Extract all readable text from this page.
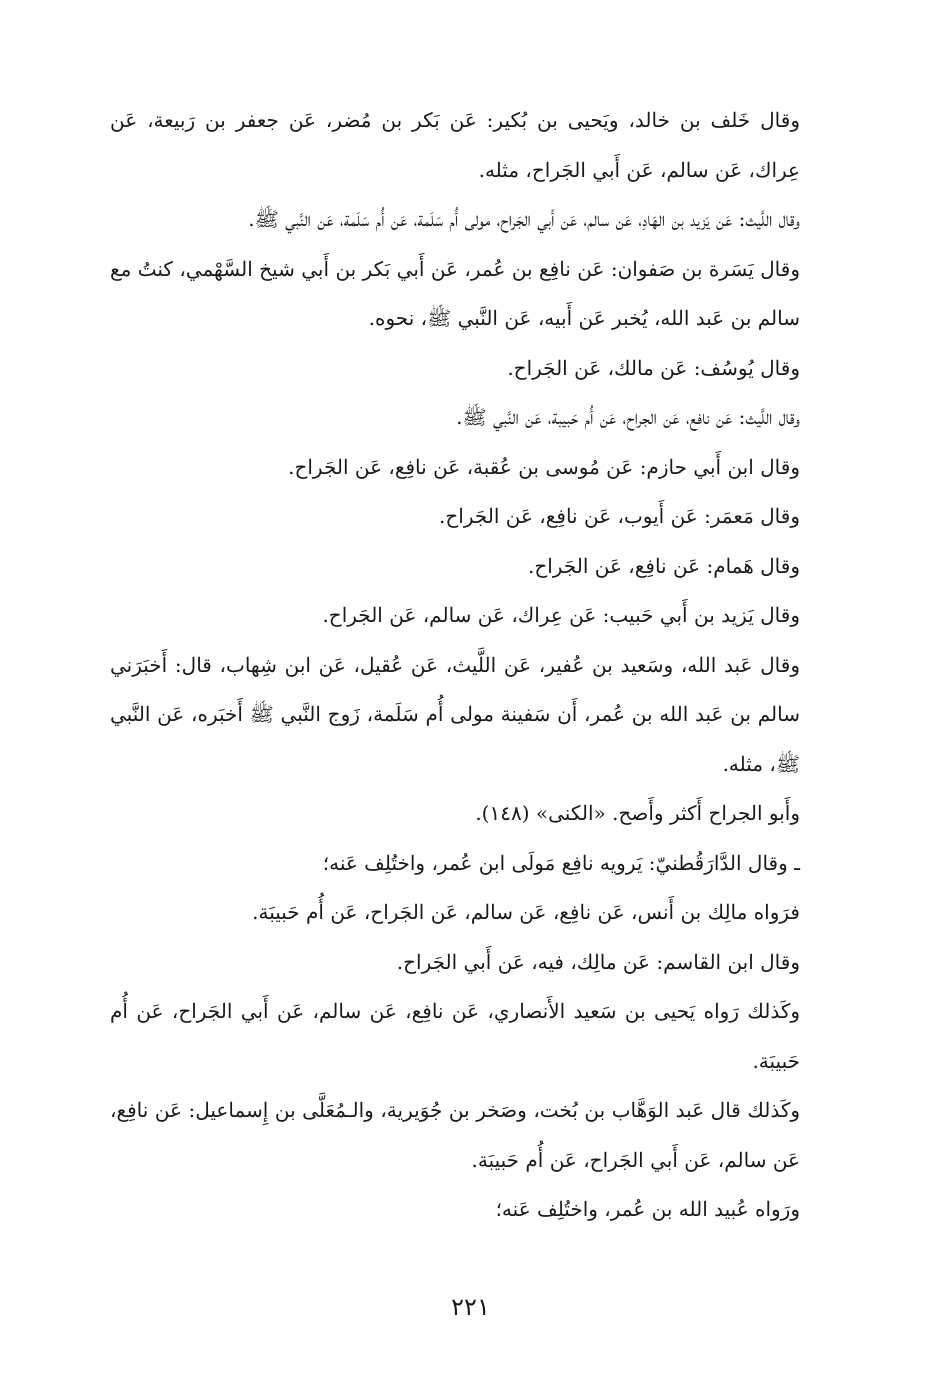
وقال خَلف بن خالد، ويَحيى بن بُكير: عَن بَكر بن مُضر، عَن جعفر بن رَبيعة، عَن عِراك، عَن سالم، عَن أَبي الجَراح، مثله.

وقال اللَّيث: عَن يَزيد بن الهَادِ، عَن سالم، عَن أَبي الجَراح، مولى أُم سَلَمة، عَن أُم سَلَمة، عَن النَّبي ﷺ.

وقال يَسَرة بن صَفوان: عَن نافِع بن عُمر، عَن أَبي بَكر بن أَبي شيخ السَّهْمي، كنتُ مع سالم بن عَبد الله، يُخبر عَن أَبيه، عَن النَّبي ﷺ، نحوه.

وقال يُوسُف: عَن مالك، عَن الجَراح.

وقال اللَّيث: عَن نافع، عَن الجراح، عَن أُم حَبيبة، عَن النَّبي ﷺ.

وقال ابن أَبي حازم: عَن مُوسى بن عُقبة، عَن نافِع، عَن الجَراح.

وقال مَعمَر: عَن أَيوب، عَن نافِع، عَن الجَراح.

وقال هَمام: عَن نافِع، عَن الجَراح.

وقال يَزيد بن أَبي حَبيب: عَن عِراك، عَن سالم، عَن الجَراح.

وقال عَبد الله، وسَعيد بن عُفير، عَن اللَّيث، عَن عُقيل، عَن ابن شِهاب، قال: أَخبَرَني سالم بن عَبد الله بن عُمر، أَن سَفينة مولى أُم سَلَمة، زَوج النَّبي ﷺ أَخبَره، عَن النَّبي ﷺ، مثله.

وأَبو الجراح أَكثر وأَصح. «الكنى» (١٤٨).

ـ وقال الدَّارَقُطنيّ: يَرويه نافِع مَولَى ابن عُمر، واختُلِف عَنه؛

فرَواه مالِك بن أَنس، عَن نافِع، عَن سالم، عَن الجَراح، عَن أُم حَبيبَة.

وقال ابن القاسم: عَن مالِك، فيه، عَن أَبي الجَراح.

وكَذلك رَواه يَحيى بن سَعيد الأَنصاري، عَن نافِع، عَن سالم، عَن أَبي الجَراح، عَن أُم حَبيبَة.

وكَذلك قال عَبد الوَهَّاب بن بُخت، وصَخر بن جُوَيرية، والـمُعَلَّى بن إِسماعيل: عَن نافِع، عَن سالم، عَن أَبي الجَراح، عَن أُم حَبيبَة.

ورَواه عُبيد الله بن عُمر، واختُلِف عَنه؛

٢٢١
